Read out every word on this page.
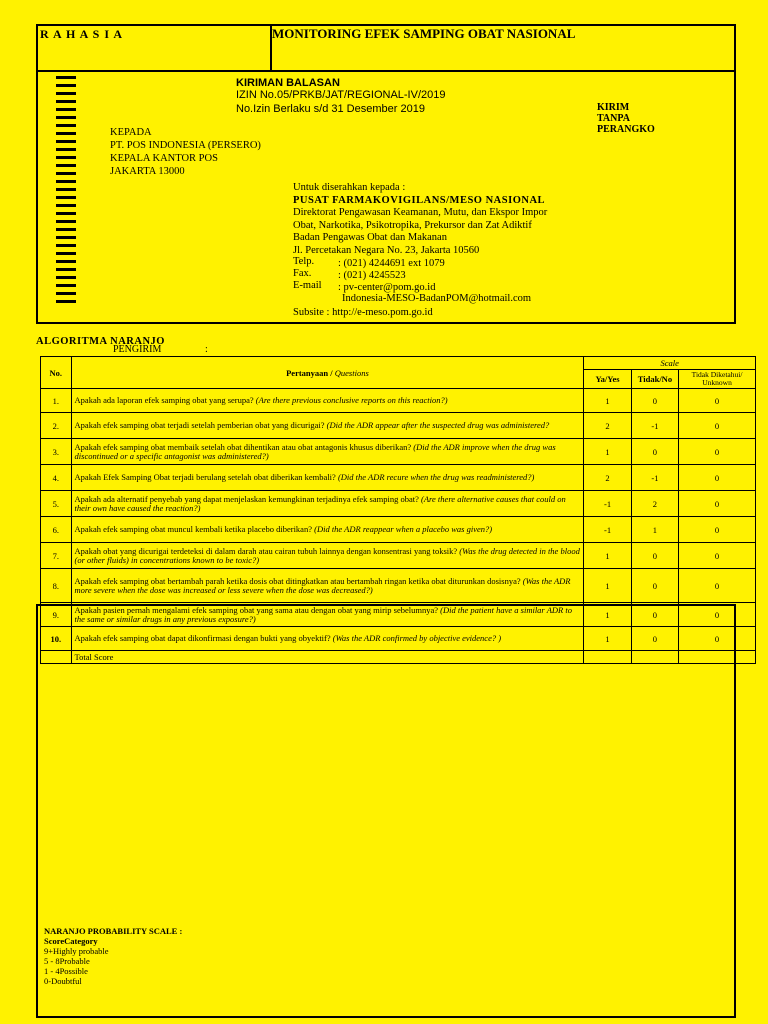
R A H A S I A	MONITORING EFEK SAMPING OBAT NASIONAL
KIRIMAN BALASAN
IZIN No.05/PRKB/JAT/REGIONAL-IV/2019
No.Izin Berlaku s/d 31 Desember 2019	KIRIM
TANPA
PERANGKO
KEPADA
PT. POS INDONESIA (PERSERO)
KEPALA KANTOR POS
JAKARTA 13000
Untuk diserahkan kepada :
PUSAT FARMAKOVIGILANS/MESO NASIONAL
Direktorat Pengawasan Keamanan, Mutu, dan Ekspor Impor
Obat, Narkotika, Psikotropika, Prekursor dan Zat Adiktif
Badan Pengawas Obat dan Makanan
Jl. Percetakan Negara No. 23, Jakarta 10560
Telp. : (021) 4244691 ext 1079
Fax.	: (021) 4245523
E-mail : pv-center@pom.go.id
Indonesia-MESO-BadanPOM@hotmail.com
Subsite : http://e-meso.pom.go.id
ALGORITMA NARANJO
PENGIRIM	:
No.	Pertanyaan / Questions	Scale		
		Ya/Yes	Tidak/No	Tidak Diketahui/ Unknown
1.	Apakah ada laporan efek samping obat yang serupa? (Are there previous conclusive reports on this reaction?)	1	0	0
2.	Apakah efek samping obat terjadi setelah pemberian obat yang dicurigai? (Did the ADR appear after the suspected drug was administered?	2	-1	0
3.	Apakah efek samping obat membaik setelah obat dihentikan atau obat antagonis khusus diberikan? (Did the ADR improve when the drug was discontinued or a specific antagonist was administered?)	1	0	0
4.	Apakah Efek Samping Obat terjadi berulang setelah obat diberikan kembali? (Did the ADR recure when the drug was readministered?)	2	-1	0
5.	Apakah ada alternatif penyebab yang dapat menjelaskan kemungkinan terjadinya efek samping obat? (Are there alternative causes that could on their own have caused the reaction?)	-1	2	0
6.	Apakah efek samping obat muncul kembali ketika placebo diberikan? (Did the ADR reappear when a placebo was given?)	-1	1	0
7.	Apakah obat yang dicurigai terdeteksi di dalam darah atau cairan tubuh lainnya dengan konsentrasi yang toksik? (Was the drug detected in the blood (or other fluids) in concentrations known to be toxic?)	1	0	0
8.	Apakah efek samping obat bertambah parah ketika dosis obat ditingkatkan atau bertambah ringan ketika obat diturunkan dosisnya? (Was the ADR more severe when the dose was increased or less severe when the dose was decreased?)	1	0	0
9.	Apakah pasien pernah mengalami efek samping obat yang sama atau dengan obat yang mirip sebelumnya? (Did the patient have a similar ADR to the same or similar drugs in any previous exposure?)	1	0	0
10.	Apakah efek samping obat dapat dikonfirmasi dengan bukti yang obyektif? (Was the ADR confirmed by objective evidence? )	1	0	0
	Total Score			
NARANJO PROBABILITY SCALE :
ScoreCategory
9+Highly probable
5 - 8Probable
1 - 4Possible
0-Doubtful
